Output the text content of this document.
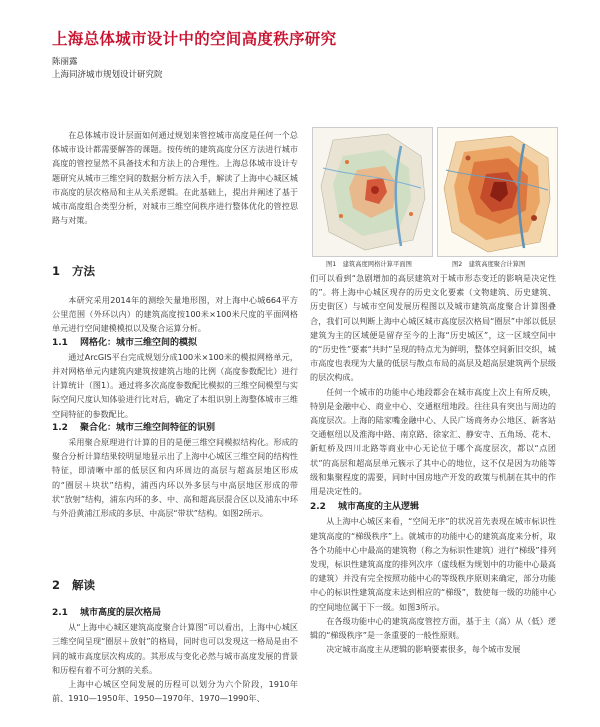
上海总体城市设计中的空间高度秩序研究
陈丽露
上海同济城市规划设计研究院

在总体城市设计层面如何通过规划来管控城市高度是任何一个总体城市设计都需要解答的课题。按传统的建筑高度分区方法进行城市高度的管控显然不具备技术和方法上的合理性。上海总体城市设计专题研究从城市三维空间的数据分析方法入手，解读了上海中心城区城市高度的层次格局和主从关系逻辑。在此基础上，提出并阐述了基于城市高度组合类型分析，对城市三维空间秩序进行整体优化的管控思路与对策。

1 方法

本研究采用2014年的测绘矢量地形图，对上海中心城664平方公里范围（外环以内）的建筑高度按100米×100米尺度的平面网格单元进行空间建模模拟以及聚合运算分析。

1.1 网格化：城市三维空间的模拟

通过ArcGIS平台完成规划分成100米×100米的模拟网格单元，并对网格单元内建筑内建筑按建筑占地的比例（高度参数配比）进行计算统计（图1）。通过将多次高度参数配比模拟的三维空间模型与实际空间尺度认知体验进行比对后，确定了本组识别上海整体城市三维空间特征的参数配比。

1.2 聚合化：城市三维空间特征的识别

采用聚合原理进行计算的目的是便三维空间模拟结构化。形成的聚合分析计算结果较明显地显示出了上海中心城区三维空间的结构性特征，即清晰中部的低层区和内环周边的高层与超高层地区形成的“圈层＋块状”结构，浦西内环以外多层与中高层地区形成的带状“放射”结构，浦东内环的多、中、高和超高层混合区以及浦东中环与外沿黄浦江形成的多层、中高层“带状”结构。如图2所示。

2 解读
2.1 城市高度的层次格局

从“上海中心城区建筑高度聚合计算图”可以看出，上海中心城区三维空间呈现“圈层＋放射”的格局，同时也可以发现这一格局是由不同的城市高度层次构成的。其形成与变化必然与城市高度发展的背景和历程有着不可分割的关系。

上海中心城区空间发展的历程可以划分为六个阶段，1910年前、1910—1950年、1950—1970年、1970—1990年、

图1　建筑高度网格计算平面图	图2　建筑高度聚合计算图

们可以看到“急剧增加的高层建筑对于城市形态变迁的影响是决定性的”。将上海中心城区现存的历史文化要素（文物建筑、历史建筑、历史街区）与城市空间发展历程图以及城市建筑高度聚合计算图叠合，我们可以判断上海中心城区城市高度层次格局“圈层”中部以低层建筑为主的区域便是留存至今的上海“历史城区”，这一区域空间中的“历史性”要素“共时”呈现的特点尤为鲜明，整体空间新旧交织，城市高度也表现为大量的低层与散点布局的高层及超高层建筑两个层级的层次构成。

任何一个城市的功能中心地段都会在城市高度上次上有所反映，特别是金融中心、商业中心、交通枢纽地段。往往具有突出与周边的高度层次。上海的陆家嘴金融中心、人民广场商务办公地区、新客站交通枢纽以及淮海中路、南京路、徐家汇、静安寺、五角场、花木、新虹桥及四川北路等商业中心无论位于哪个高度层次，都以“点团状”的高层和超高层单元簇示了其中心的地位，这不仅是因为功能等级和集聚程度的需要，同时中国房地产开发的政策与机制在其中的作用是决定性的。

2.2 城市高度的主从逻辑

从上海中心城区来看，“空间无序”的状况首先表现在城市标识性建筑高度的“梯级秩序”上。就城市的功能中心的建筑高度来分析，取各个功能中心中最高的建筑物（称之为标识性建筑）进行“梯级”排列发现，标识性建筑高度的排列次序（虚线框为规划中的功能中心最高的建筑）并没有完全按照功能中心的等级秩序原则来确定，部分功能中心的标识性建筑高度未达到相应的“梯级”，数使每一级的功能中心的空间地位属于下一级。如图3所示。

在各级功能中心的建筑高度管控方面，基于主（高）从（低）逻辑的“梯级秩序”是一条重要的一般性原则。

决定城市高度主从逻辑的影响要素很多，每个城市发展
